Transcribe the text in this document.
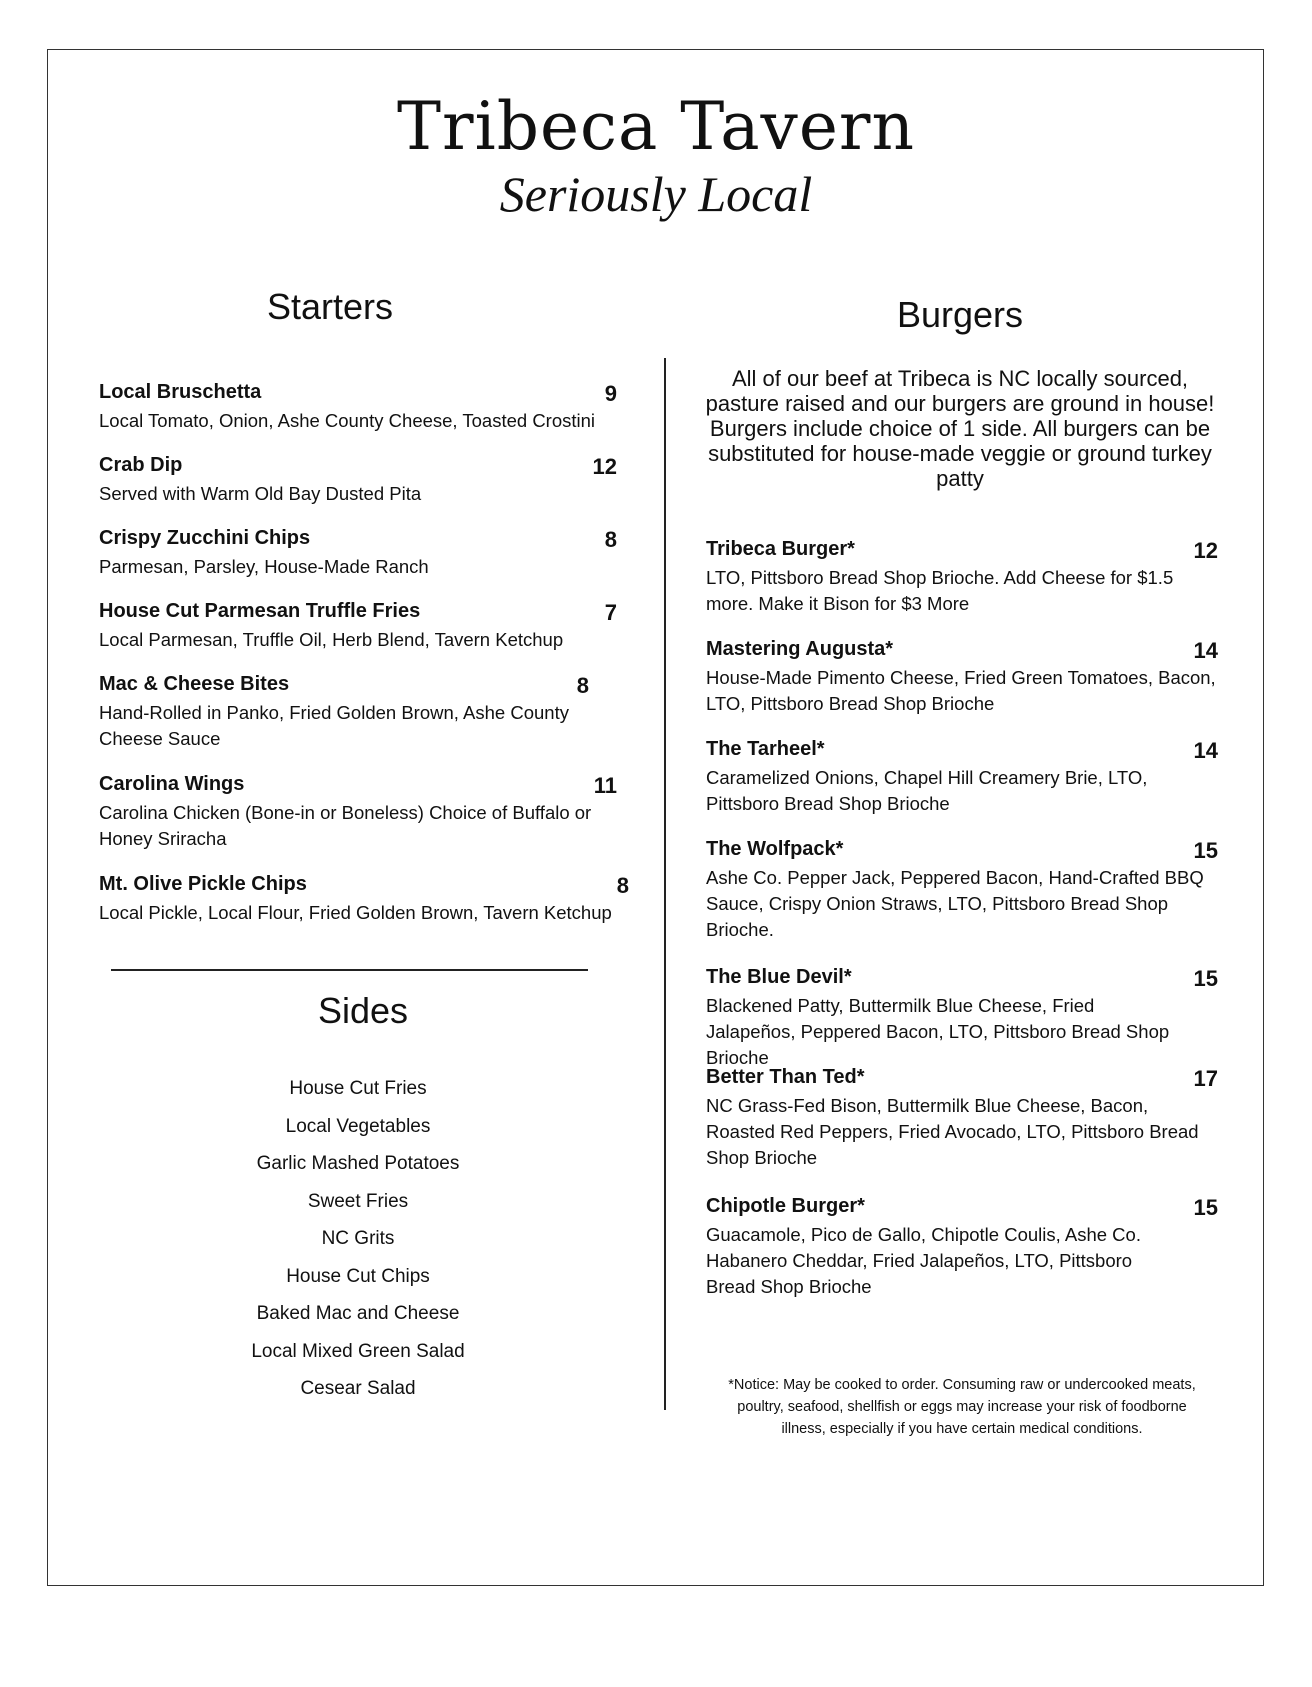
Tribeca Tavern
Seriously Local
Starters
Local Bruschetta	9
Local Tomato, Onion, Ashe County Cheese, Toasted Crostini
Crab Dip	12
Served with Warm Old Bay Dusted Pita
Crispy Zucchini Chips	8
Parmesan, Parsley, House-Made Ranch
House Cut Parmesan Truffle Fries	7
Local Parmesan, Truffle Oil, Herb Blend, Tavern Ketchup
Mac & Cheese Bites	8
Hand-Rolled in Panko, Fried Golden Brown, Ashe County Cheese Sauce
Carolina Wings	11
Carolina Chicken (Bone-in or Boneless) Choice of Buffalo or Honey Sriracha
Mt. Olive Pickle Chips	8
Local Pickle, Local Flour, Fried Golden Brown, Tavern Ketchup
Sides
House Cut Fries
Local Vegetables
Garlic Mashed Potatoes
Sweet Fries
NC Grits
House Cut Chips
Baked Mac and Cheese
Local Mixed Green Salad
Cesear Salad
Burgers
All of our beef at Tribeca is NC locally sourced, pasture raised and our burgers are ground in house! Burgers include choice of 1 side. All burgers can be substituted for house-made veggie or ground turkey patty
Tribeca Burger*	12
LTO, Pittsboro Bread Shop Brioche. Add Cheese for $1.5 more. Make it Bison for $3 More
Mastering Augusta*	14
House-Made Pimento Cheese, Fried Green Tomatoes, Bacon, LTO, Pittsboro Bread Shop Brioche
The Tarheel*	14
Caramelized Onions, Chapel Hill Creamery Brie, LTO, Pittsboro Bread Shop Brioche
The Wolfpack*	15
Ashe Co. Pepper Jack, Peppered Bacon, Hand-Crafted BBQ Sauce, Crispy Onion Straws, LTO, Pittsboro Bread Shop Brioche.
The Blue Devil*	15
Blackened Patty, Buttermilk Blue Cheese, Fried Jalapeños, Peppered Bacon, LTO, Pittsboro Bread Shop Brioche
Better Than Ted*	17
NC Grass-Fed Bison, Buttermilk Blue Cheese, Bacon, Roasted Red Peppers, Fried Avocado, LTO, Pittsboro Bread Shop Brioche
Chipotle Burger*	15
Guacamole, Pico de Gallo, Chipotle Coulis, Ashe Co. Habanero Cheddar, Fried Jalapeños, LTO, Pittsboro Bread Shop Brioche
*Notice: May be cooked to order. Consuming raw or undercooked meats, poultry, seafood, shellfish or eggs may increase your risk of foodborne illness, especially if you have certain medical conditions.
